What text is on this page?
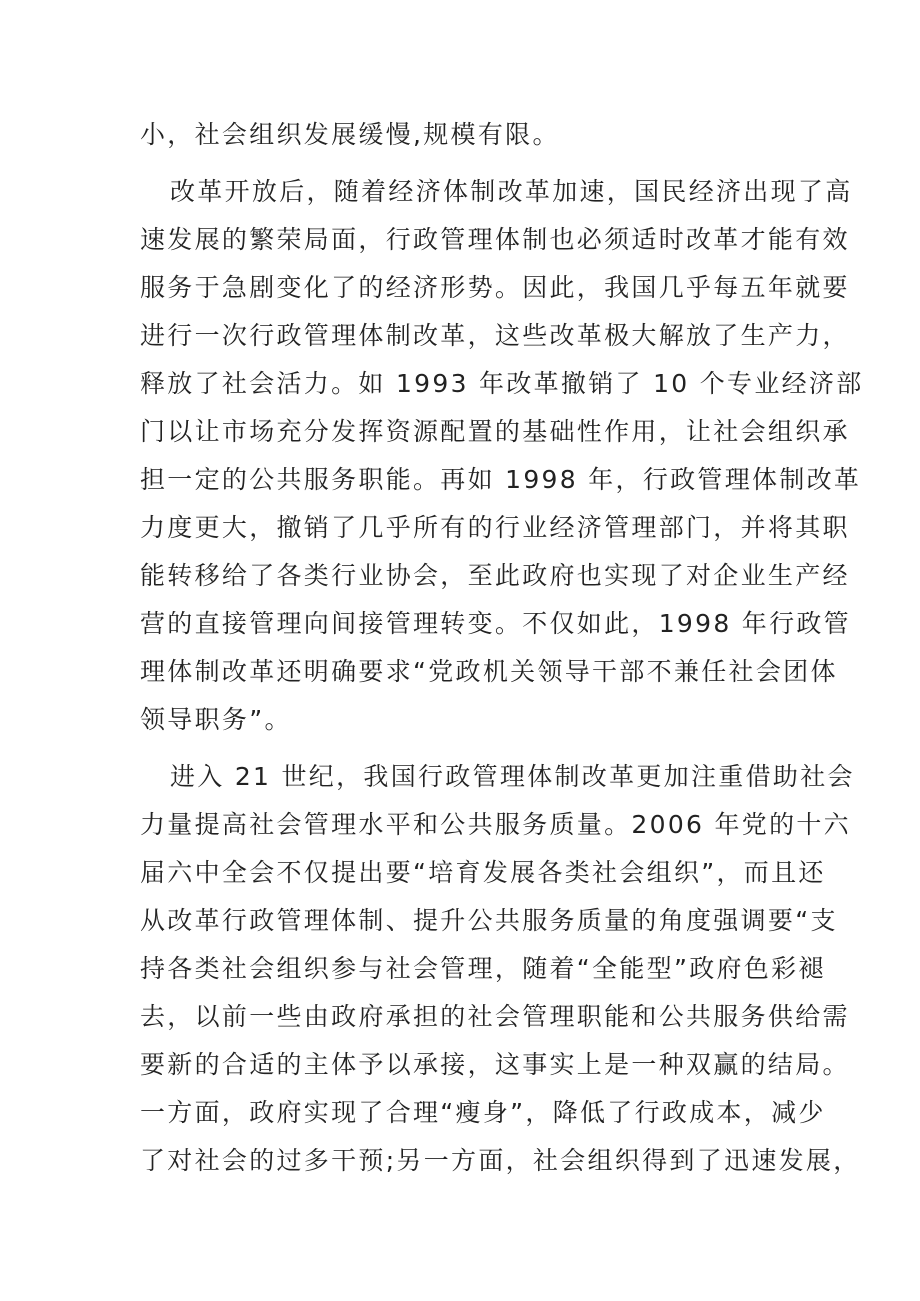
小，社会组织发展缓慢,规模有限。
改革开放后，随着经济体制改革加速，国民经济出现了高
速发展的繁荣局面，行政管理体制也必须适时改革才能有效
服务于急剧变化了的经济形势。因此，我国几乎每五年就要
进行一次行政管理体制改革，这些改革极大解放了生产力，
释放了社会活力。如 1993 年改革撤销了 10 个专业经济部
门以让市场充分发挥资源配置的基础性作用，让社会组织承
担一定的公共服务职能。再如 1998 年，行政管理体制改革
力度更大，撤销了几乎所有的行业经济管理部门，并将其职
能转移给了各类行业协会，至此政府也实现了对企业生产经
营的直接管理向间接管理转变。不仅如此，1998 年行政管
理体制改革还明确要求“党政机关领导干部不兼任社会团体
领导职务”。
进入 21 世纪，我国行政管理体制改革更加注重借助社会
力量提高社会管理水平和公共服务质量。2006 年党的十六
届六中全会不仅提出要“培育发展各类社会组织”，而且还
从改革行政管理体制、提升公共服务质量的角度强调要“支
持各类社会组织参与社会管理，随着“全能型”政府色彩褪
去，以前一些由政府承担的社会管理职能和公共服务供给需
要新的合适的主体予以承接，这事实上是一种双赢的结局。
一方面，政府实现了合理“瘦身”，降低了行政成本，减少
了对社会的过多干预;另一方面，社会组织得到了迅速发展，
